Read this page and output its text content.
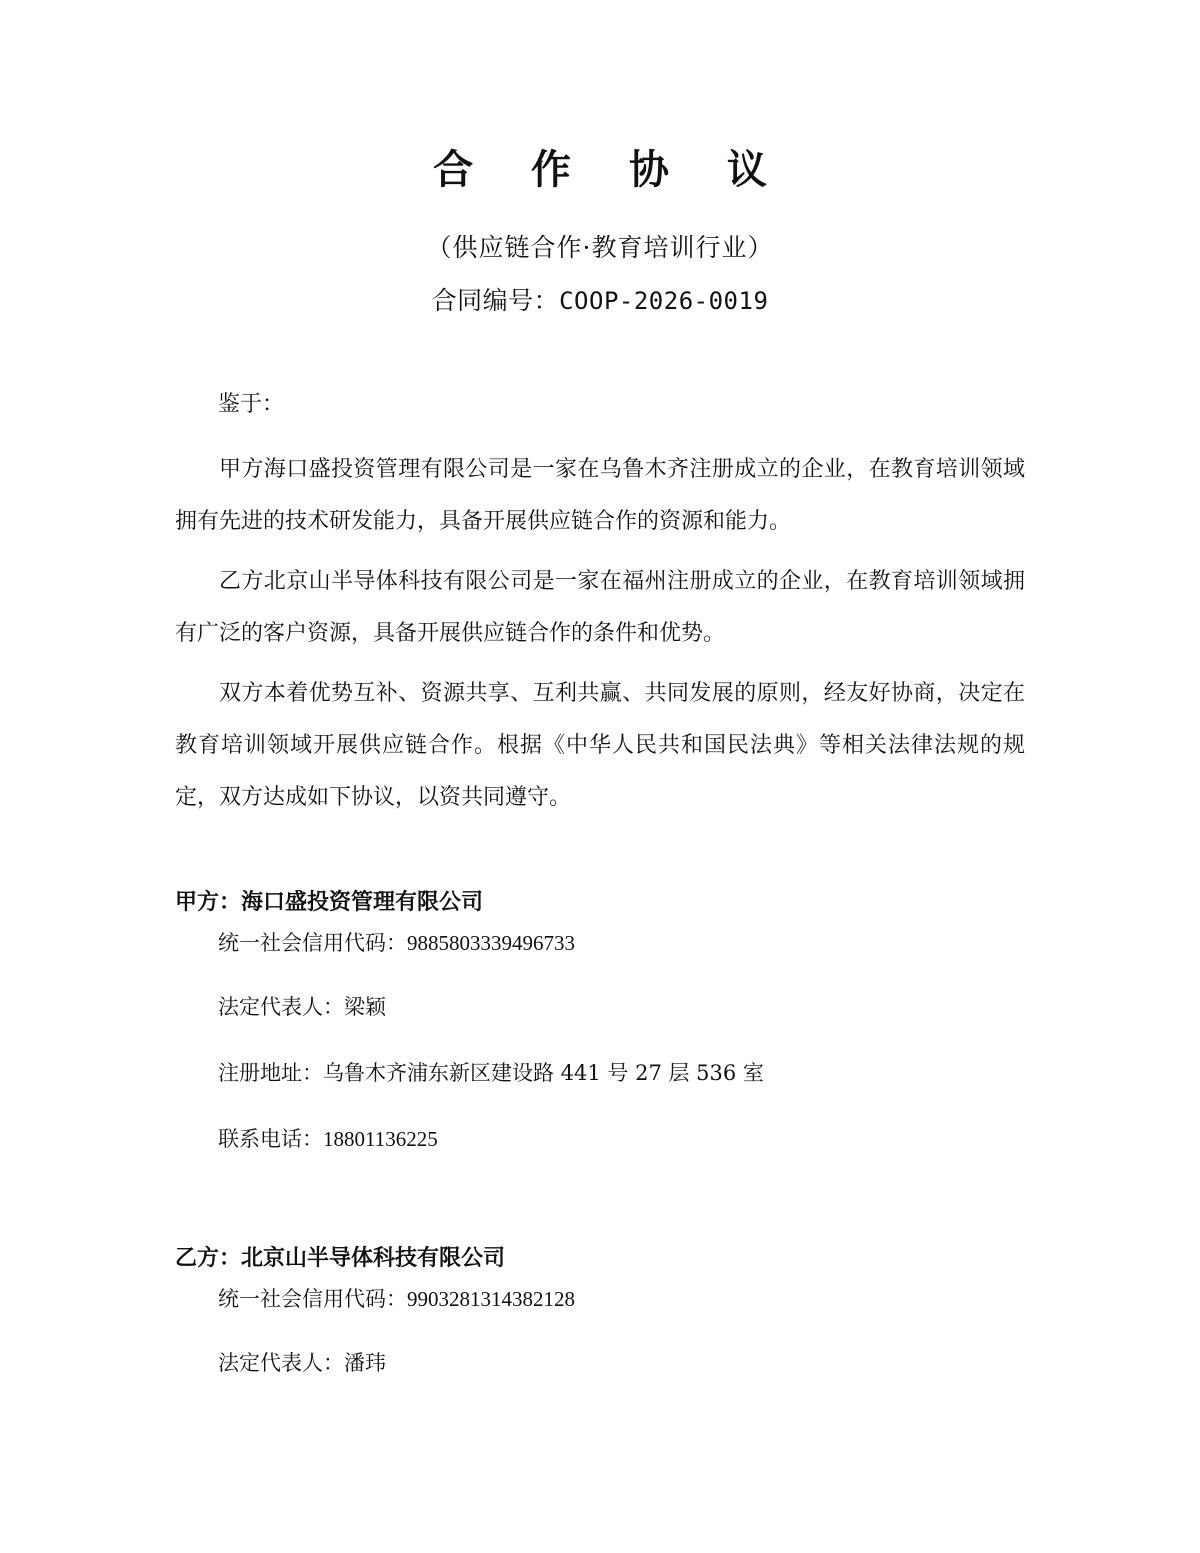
合 作 协 议
（供应链合作·教育培训行业）
合同编号：COOP-2026-0019
鉴于：
甲方海口盛投资管理有限公司是一家在乌鲁木齐注册成立的企业，在教育培训领域拥有先进的技术研发能力，具备开展供应链合作的资源和能力。
乙方北京山半导体科技有限公司是一家在福州注册成立的企业，在教育培训领域拥有广泛的客户资源，具备开展供应链合作的条件和优势。
双方本着优势互补、资源共享、互利共赢、共同发展的原则，经友好协商，决定在教育培训领域开展供应链合作。根据《中华人民共和国民法典》等相关法律法规的规定，双方达成如下协议，以资共同遵守。
甲方：海口盛投资管理有限公司
统一社会信用代码：9885803339496733
法定代表人：梁颖
注册地址：乌鲁木齐浦东新区建设路 441 号 27 层 536 室
联系电话：18801136225
乙方：北京山半导体科技有限公司
统一社会信用代码：9903281314382128
法定代表人：潘玮
